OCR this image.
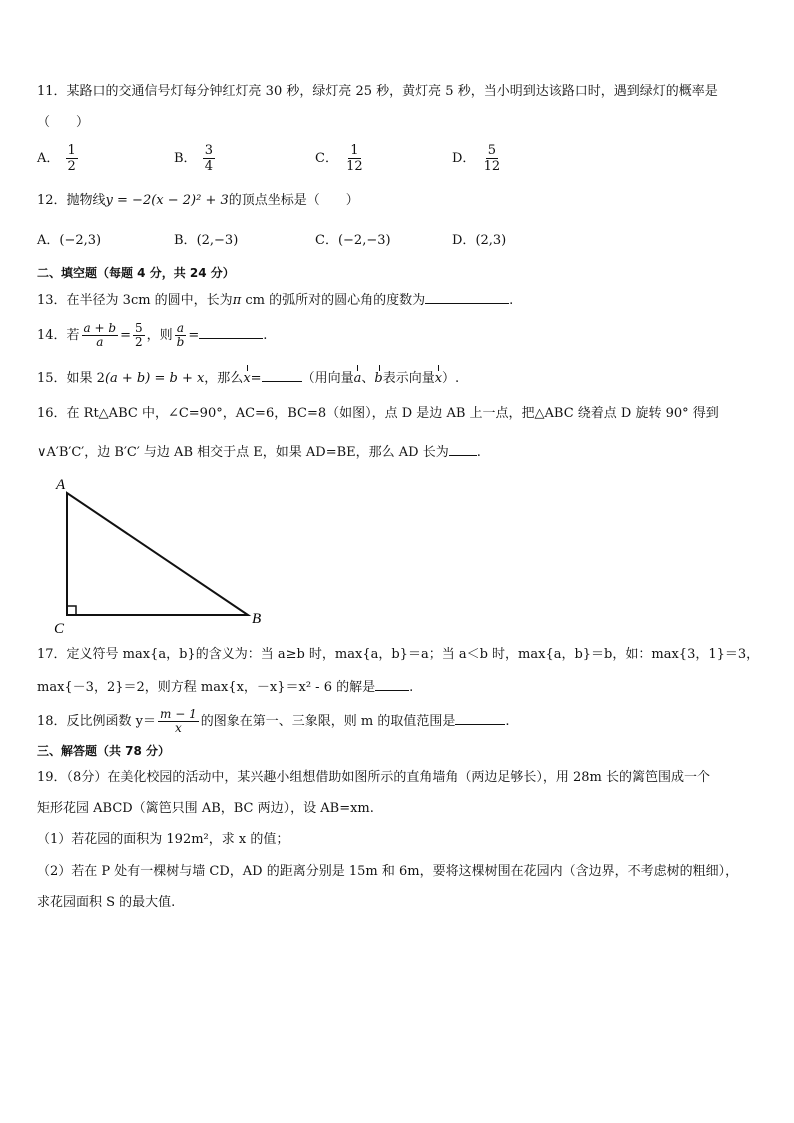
11．某路口的交通信号灯每分钟红灯亮 30 秒，绿灯亮 25 秒，黄灯亮 5 秒，当小明到达该路口时，遇到绿灯的概率是
（　　）
A． $\frac{1}{2}$	B． $\frac{3}{4}$	C． $\frac{1}{12}$	D． $\frac{5}{12}$
12．抛物线y = −2(x − 2)² + 3的顶点坐标是（　　）
A．(−2,3)	B．(2,−3)	C．(−2,−3)	D．(2,3)
二、填空题（每题 4 分，共 24 分）
13．在半径为 3cm 的圆中，长为π cm 的弧所对的圆心角的度数为	.
14．若 $\frac{a + b}{a} = \frac{5}{2}$ ，则 $\frac{a}{b}$ =	.
15．如果 2(a + b) = b + x，那么x=	（用向量a、b表示向量x）.
16．在 Rt△ABC 中，∠C=90°，AC=6，BC=8（如图），点 D 是边 AB 上一点，把△ABC 绕着点 D 旋转 90° 得到
∨A′B′C′，边 B′C′ 与边 AB 相交于点 E，如果 AD=BE，那么 AD 长为 .
A
B
C
17．定义符号 max{a，b}的含义为：当 a≥b 时，max{a，b}＝a；当 a＜b 时，max{a，b}＝b，如：max{3，1}＝3，
max{－3，2}＝2，则方程 max{x，－x}＝x² - 6 的解是	.
18．反比例函数 $y= \frac{m - 1}{x}$ 的图象在第一、三象限，则 m 的取值范围是	.
三、解答题（共 78 分）
19．（8分）在美化校园的活动中，某兴趣小组想借助如图所示的直角墙角（两边足够长），用 28m 长的篱笆围成一个
矩形花园 ABCD（篱笆只围 AB，BC 两边），设 AB=xm.
（1）若花园的面积为 192m²，求 x 的值；
（2）若在 P 处有一棵树与墙 CD，AD 的距离分别是 15m 和 6m，要将这棵树围在花园内（含边界，不考虑树的粗细），
求花园面积 S 的最大值.
